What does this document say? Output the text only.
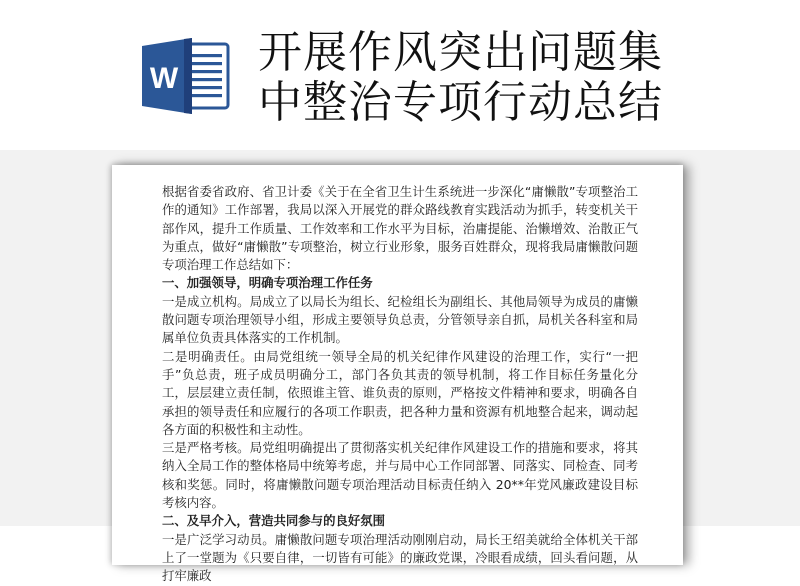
W
开展作风突出问题集
中整治专项行动总结

根据省委省政府、省卫计委《关于在全省卫生计生系统进一步深化“庸懒散”专项整治工作的通知》工作部署，我局以深入开展党的群众路线教育实践活动为抓手，转变机关干部作风，提升工作质量、工作效率和工作水平为目标，治庸提能、治懒增效、治散正气为重点，做好“庸懒散”专项整治，树立行业形象，服务百姓群众，现将我局庸懒散问题专项治理工作总结如下：

一、加强领导，明确专项治理工作任务

一是成立机构。局成立了以局长为组长、纪检组长为副组长、其他局领导为成员的庸懒散问题专项治理领导小组，形成主要领导负总责，分管领导亲自抓，局机关各科室和局属单位负责具体落实的工作机制。

二是明确责任。由局党组统一领导全局的机关纪律作风建设的治理工作，实行“一把手”负总责，班子成员明确分工，部门各负其责的领导机制，将工作目标任务量化分工，层层建立责任制，依照谁主管、谁负责的原则，严格按文件精神和要求，明确各自承担的领导责任和应履行的各项工作职责，把各种力量和资源有机地整合起来，调动起各方面的积极性和主动性。

三是严格考核。局党组明确提出了贯彻落实机关纪律作风建设工作的措施和要求，将其纳入全局工作的整体格局中统筹考虑，并与局中心工作同部署、同落实、同检查、同考核和奖惩。同时，将庸懒散问题专项治理活动目标责任纳入 20**年党风廉政建设目标考核内容。

二、及早介入，营造共同参与的良好氛围

一是广泛学习动员。庸懒散问题专项治理活动刚刚启动，局长王绍美就给全体机关干部上了一堂题为《只要自律，一切皆有可能》的廉政党课，冷眼看成绩，回头看问题，从打牢廉政
